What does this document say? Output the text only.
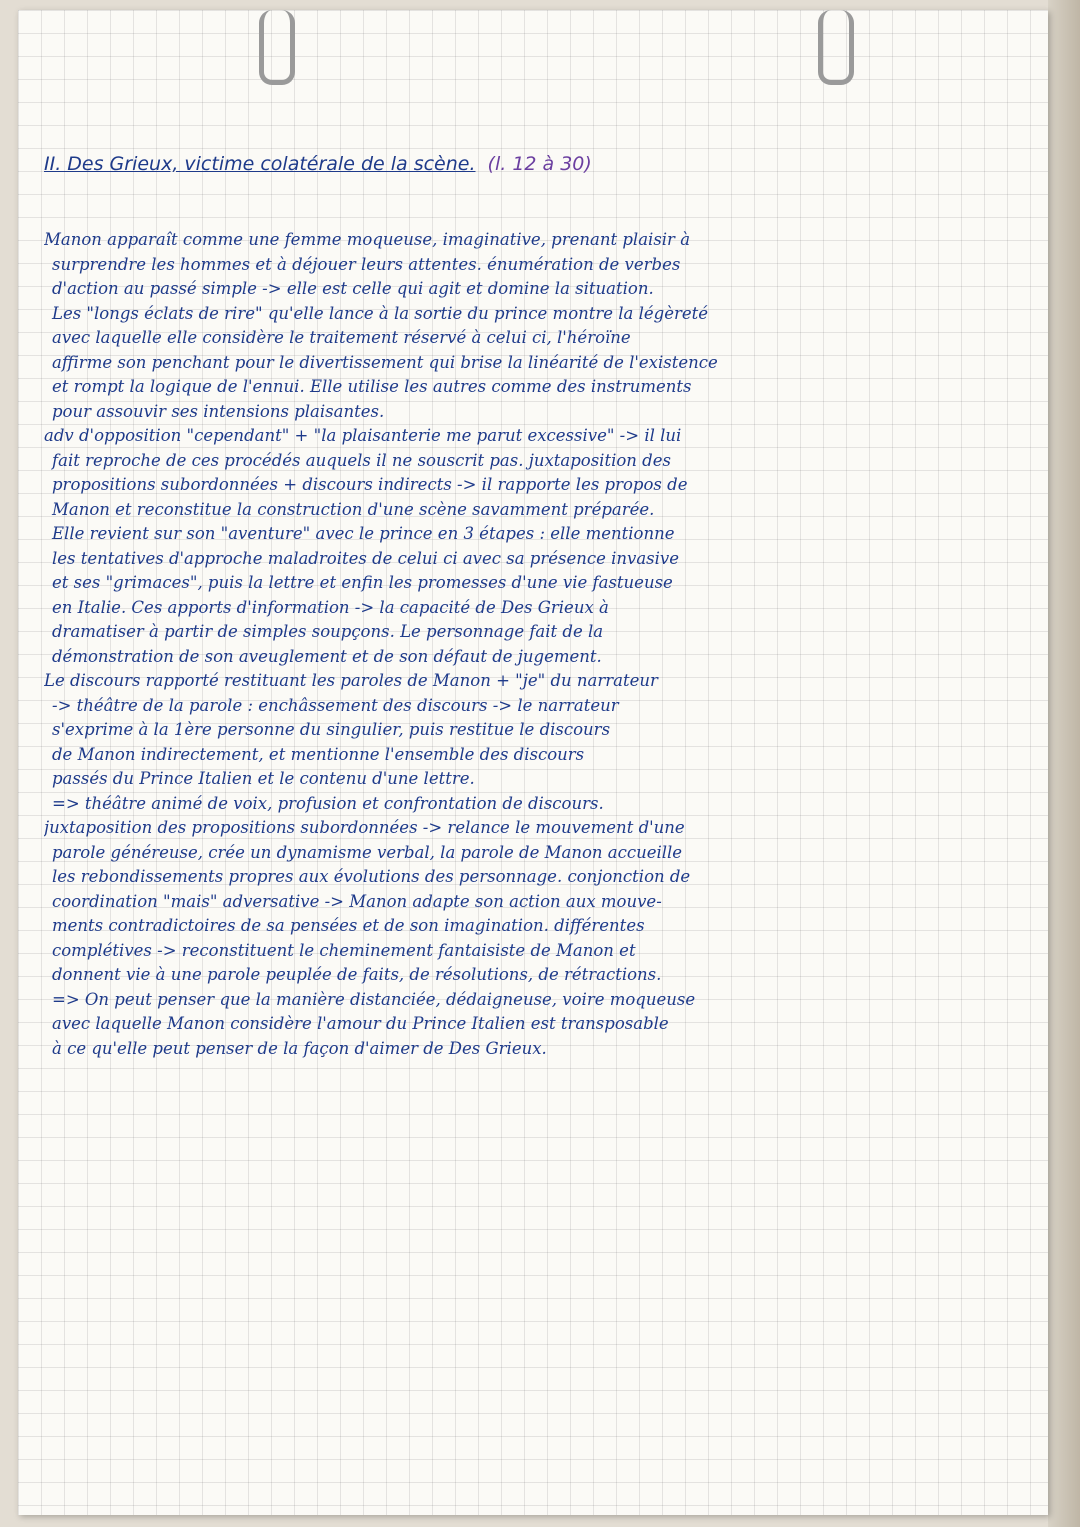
II. Des Grieux, victime colatérale de la scène. (l. 12 à 30)
Manon apparaît comme une femme moqueuse, imaginative, prenant plaisir à
surprendre les hommes et à déjouer leurs attentes. énumération de verbes
d'action au passé simple -> elle est celle qui agit et domine la situation.
Les "longs éclats de rire" qu'elle lance à la sortie du prince montre la légèreté
avec laquelle elle considère le traitement réservé à celui ci, l'héroïne
affirme son penchant pour le divertissement qui brise la linéarité de l'existence
et rompt la logique de l'ennui. Elle utilise les autres comme des instruments
pour assouvir ses intensions plaisantes.
adv d'opposition "cependant" + "la plaisanterie me parut excessive" -> il lui
fait reproche de ces procédés auquels il ne souscrit pas. juxtaposition des
propositions subordonnées + discours indirects -> il rapporte les propos de
Manon et reconstitue la construction d'une scène savamment préparée.
Elle revient sur son "aventure" avec le prince en 3 étapes : elle mentionne
les tentatives d'approche maladroites de celui ci avec sa présence invasive
et ses "grimaces", puis la lettre et enfin les promesses d'une vie fastueuse
en Italie. Ces apports d'information -> la capacité de Des Grieux à
dramatiser à partir de simples soupçons. Le personnage fait de la
démonstration de son aveuglement et de son défaut de jugement.
Le discours rapporté restituant les paroles de Manon + "je" du narrateur
-> théâtre de la parole : enchâssement des discours -> le narrateur
s'exprime à la 1ère personne du singulier, puis restitue le discours
de Manon indirectement, et mentionne l'ensemble des discours
passés du Prince Italien et le contenu d'une lettre.
=> théâtre animé de voix, profusion et confrontation de discours.
juxtaposition des propositions subordonnées -> relance le mouvement d'une
parole généreuse, crée un dynamisme verbal, la parole de Manon accueille
les rebondissements propres aux évolutions des personnage. conjonction de
coordination "mais" adversative -> Manon adapte son action aux mouve-
ments contradictoires de sa pensées et de son imagination. différentes
complétives -> reconstituent le cheminement fantaisiste de Manon et
donnent vie à une parole peuplée de faits, de résolutions, de rétractions.
=> On peut penser que la manière distanciée, dédaigneuse, voire moqueuse
avec laquelle Manon considère l'amour du Prince Italien est transposable
à ce qu'elle peut penser de la façon d'aimer de Des Grieux.
